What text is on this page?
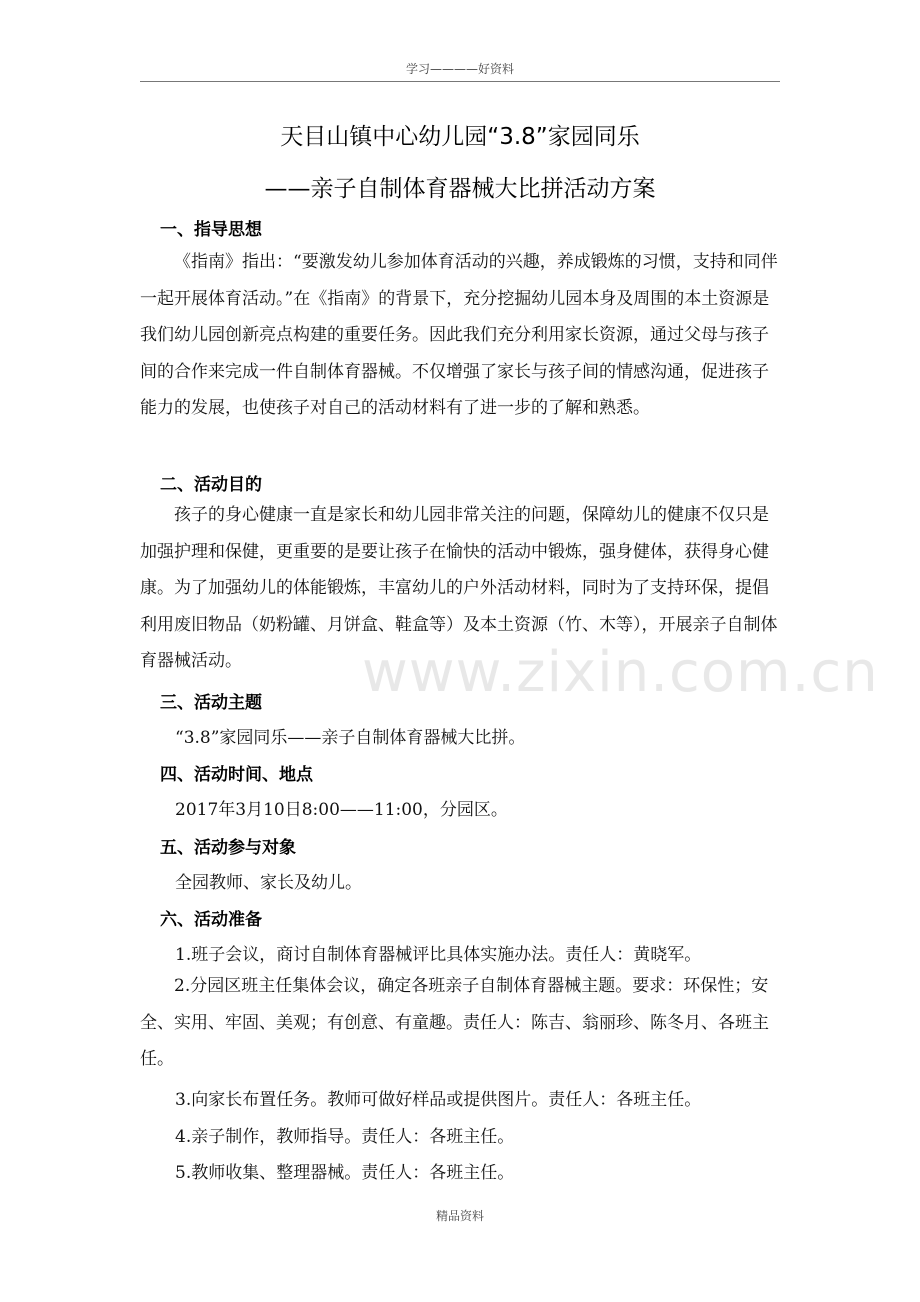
学习————好资料
天目山镇中心幼儿园“3.8”家园同乐
——亲子自制体育器械大比拼活动方案
一、指导思想

《指南》指出：“要激发幼儿参加体育活动的兴趣，养成锻炼的习惯，支持和同伴一起开展体育活动。”在《指南》的背景下，充分挖掘幼儿园本身及周围的本土资源是我们幼儿园创新亮点构建的重要任务。因此我们充分利用家长资源，通过父母与孩子间的合作来完成一件自制体育器械。不仅增强了家长与孩子间的情感沟通，促进孩子能力的发展，也使孩子对自己的活动材料有了进一步的了解和熟悉。

二、活动目的

孩子的身心健康一直是家长和幼儿园非常关注的问题，保障幼儿的健康不仅只是加强护理和保健，更重要的是要让孩子在愉快的活动中锻炼，强身健体，获得身心健康。为了加强幼儿的体能锻炼，丰富幼儿的户外活动材料，同时为了支持环保，提倡利用废旧物品（奶粉罐、月饼盒、鞋盒等）及本土资源（竹、木等），开展亲子自制体育器械活动。	www.zixin.com.cn
三、活动主题
“3.8”家园同乐——亲子自制体育器械大比拼。
四、活动时间、地点
2017年3月10日8:00——11:00，分园区。
五、活动参与对象
全园教师、家长及幼儿。
六、活动准备
1.班子会议，商讨自制体育器械评比具体实施办法。责任人：黄晓军。

2.分园区班主任集体会议，确定各班亲子自制体育器械主题。要求：环保性；安全、实用、牢固、美观；有创意、有童趣。责任人：陈吉、翁丽珍、陈冬月、各班主任。

3.向家长布置任务。教师可做好样品或提供图片。责任人：各班主任。
4.亲子制作，教师指导。责任人：各班主任。
5.教师收集、整理器械。责任人：各班主任。
精品资料
